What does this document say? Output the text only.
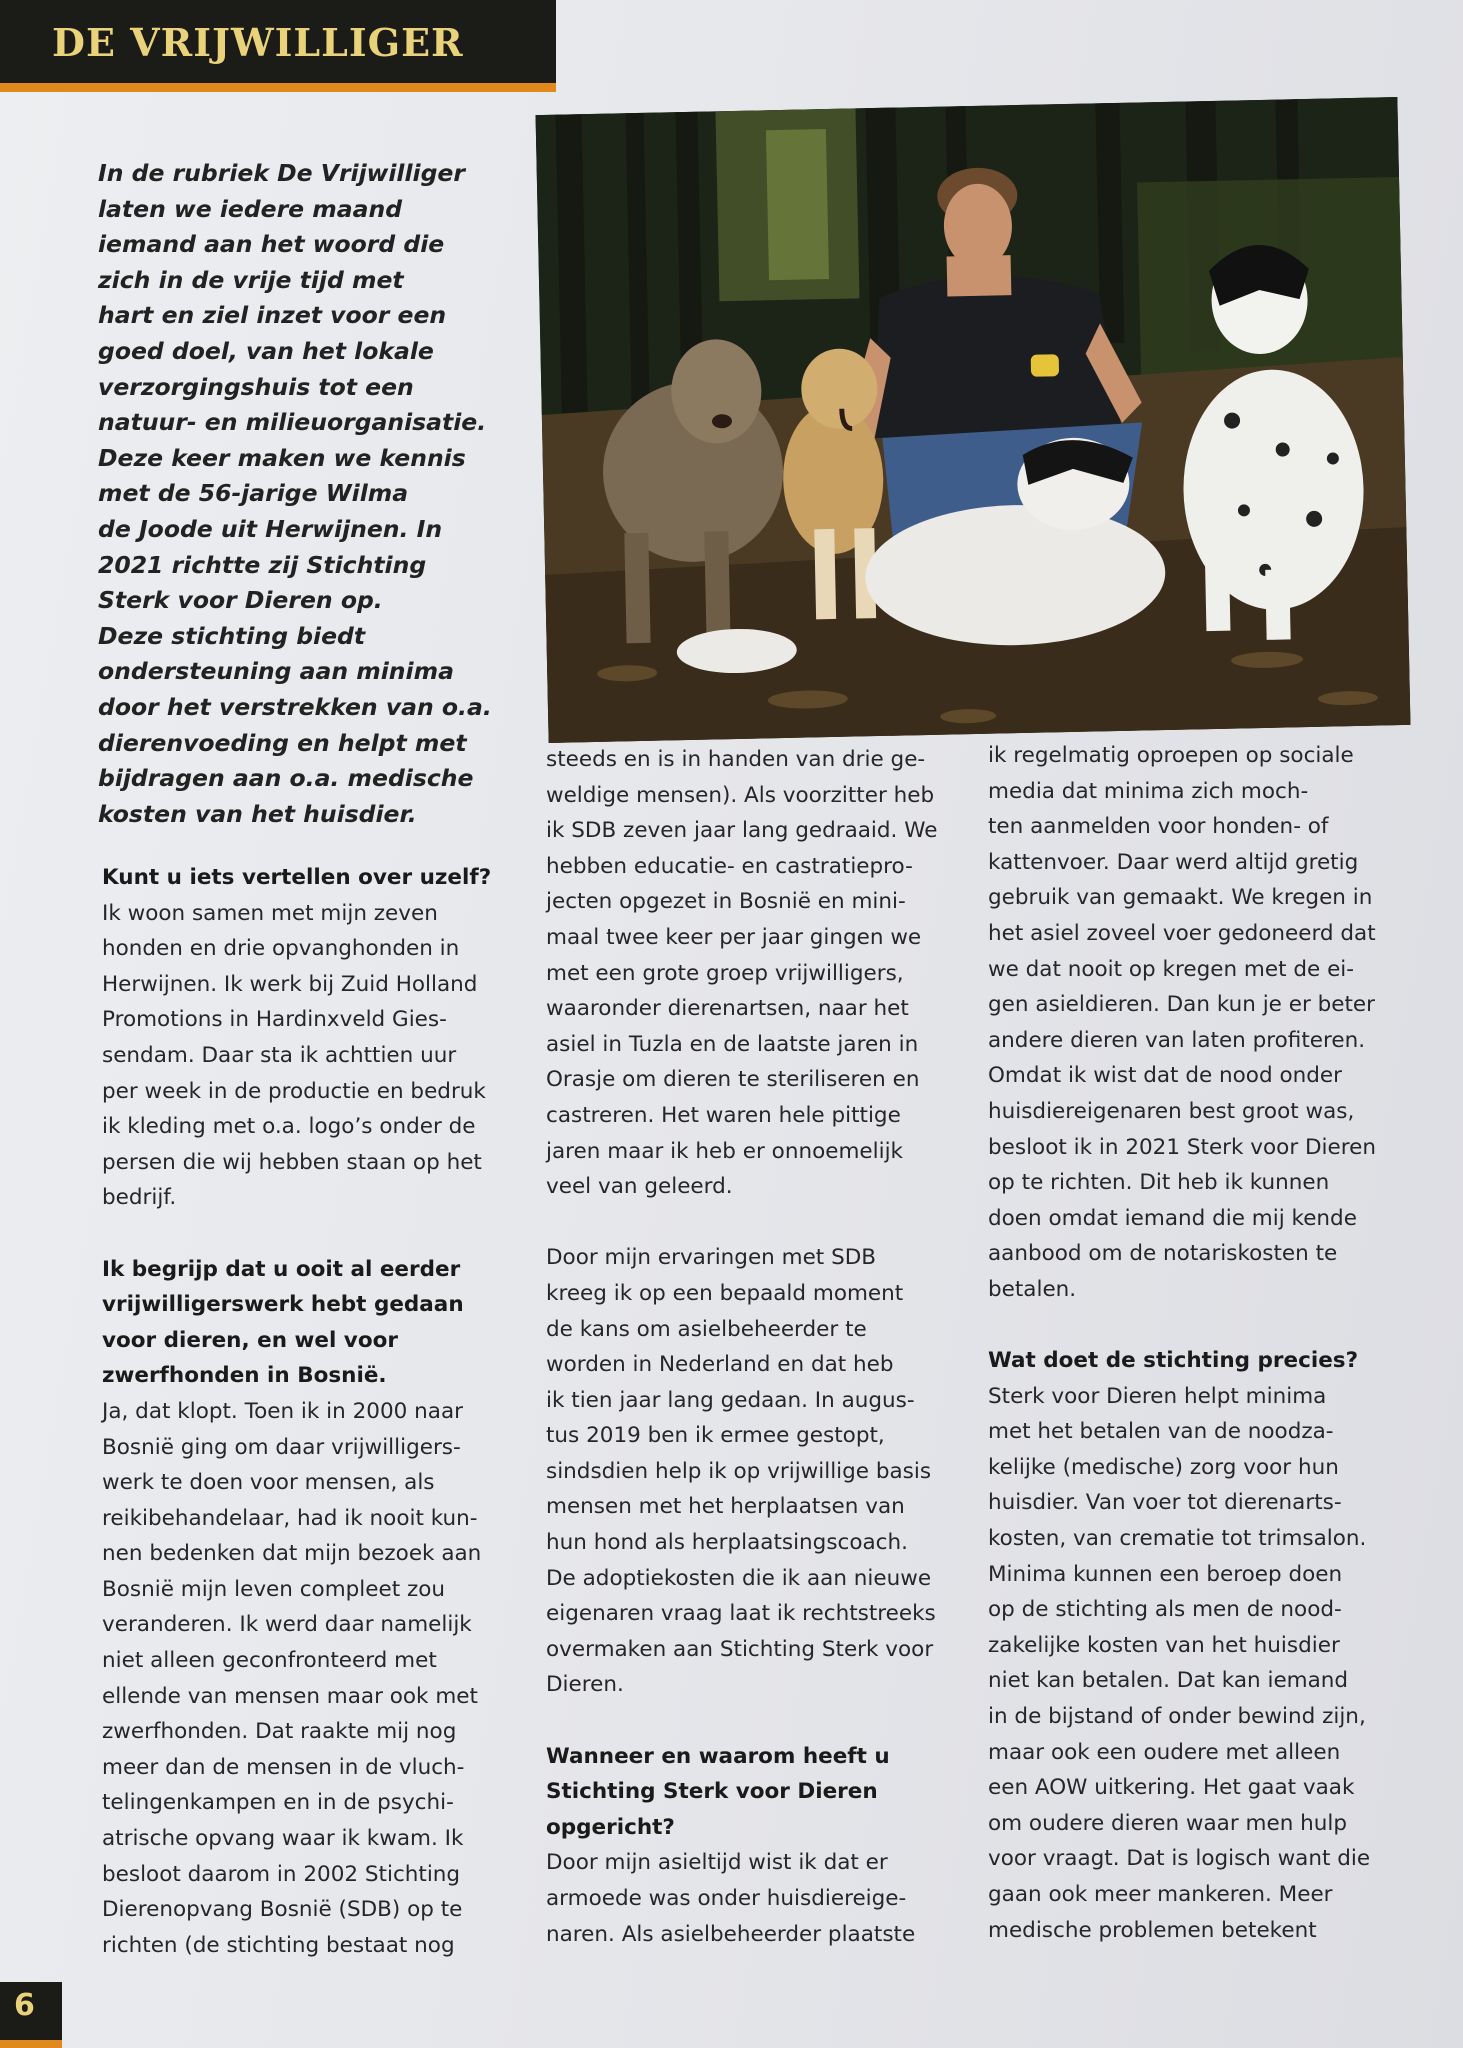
DE VRIJWILLIGER

In de rubriek De Vrijwilliger

laten we iedere maand

iemand aan het woord die

zich in de vrije tijd met

hart en ziel inzet voor een

goed doel, van het lokale

verzorgingshuis tot een

natuur- en milieuorganisatie.

Deze keer maken we kennis

met de 56-jarige Wilma

de Joode uit Herwijnen. In

2021 richtte zij Stichting

Sterk voor Dieren op.

Deze stichting biedt

ondersteuning aan minima

door het verstrekken van o.a.

dierenvoeding en helpt met

bijdragen aan o.a. medische

kosten van het huisdier.

Kunt u iets vertellen over uzelf?

Ik woon samen met mijn zeven

honden en drie opvanghonden in

Herwijnen. Ik werk bij Zuid Holland

Promotions in Hardinxveld Gies-

sendam. Daar sta ik achttien uur

per week in de productie en bedruk

ik kleding met o.a. logo’s onder de

persen die wij hebben staan op het

bedrijf.

Ik begrijp dat u ooit al eerder

vrijwilligerswerk hebt gedaan

voor dieren, en wel voor

zwerfhonden in Bosnië.

Ja, dat klopt. Toen ik in 2000 naar

Bosnië ging om daar vrijwilligers-

werk te doen voor mensen, als

reikibehandelaar, had ik nooit kun-

nen bedenken dat mijn bezoek aan

Bosnië mijn leven compleet zou

veranderen. Ik werd daar namelijk

niet alleen geconfronteerd met

ellende van mensen maar ook met

zwerfhonden. Dat raakte mij nog

meer dan de mensen in de vluch-

telingenkampen en in de psychi-

atrische opvang waar ik kwam. Ik

besloot daarom in 2002 Stichting

Dierenopvang Bosnië (SDB) op te

richten (de stichting bestaat nog

steeds en is in handen van drie ge-

weldige mensen). Als voorzitter heb

ik SDB zeven jaar lang gedraaid. We

hebben educatie- en castratiepro-

jecten opgezet in Bosnië en mini-

maal twee keer per jaar gingen we

met een grote groep vrijwilligers,

waaronder dierenartsen, naar het

asiel in Tuzla en de laatste jaren in

Orasje om dieren te steriliseren en

castreren. Het waren hele pittige

jaren maar ik heb er onnoemelijk

veel van geleerd.

Door mijn ervaringen met SDB

kreeg ik op een bepaald moment

de kans om asielbeheerder te

worden in Nederland en dat heb

ik tien jaar lang gedaan. In augus-

tus 2019 ben ik ermee gestopt,

sindsdien help ik op vrijwillige basis

mensen met het herplaatsen van

hun hond als herplaatsingscoach.

De adoptiekosten die ik aan nieuwe

eigenaren vraag laat ik rechtstreeks

overmaken aan Stichting Sterk voor

Dieren.

Wanneer en waarom heeft u

Stichting Sterk voor Dieren

opgericht?

Door mijn asieltijd wist ik dat er

armoede was onder huisdiereige-

naren. Als asielbeheerder plaatste

ik regelmatig oproepen op sociale

media dat minima zich moch-

ten aanmelden voor honden- of

kattenvoer. Daar werd altijd gretig

gebruik van gemaakt. We kregen in

het asiel zoveel voer gedoneerd dat

we dat nooit op kregen met de ei-

gen asieldieren. Dan kun je er beter

andere dieren van laten profiteren.

Omdat ik wist dat de nood onder

huisdiereigenaren best groot was,

besloot ik in 2021 Sterk voor Dieren

op te richten. Dit heb ik kunnen

doen omdat iemand die mij kende

aanbood om de notariskosten te

betalen.

Wat doet de stichting precies?

Sterk voor Dieren helpt minima

met het betalen van de noodza-

kelijke (medische) zorg voor hun

huisdier. Van voer tot dierenarts-

kosten, van crematie tot trimsalon.

Minima kunnen een beroep doen

op de stichting als men de nood-

zakelijke kosten van het huisdier

niet kan betalen. Dat kan iemand

in de bijstand of onder bewind zijn,

maar ook een oudere met alleen

een AOW uitkering. Het gaat vaak

om oudere dieren waar men hulp

voor vraagt. Dat is logisch want die

gaan ook meer mankeren. Meer

medische problemen betekent

6
